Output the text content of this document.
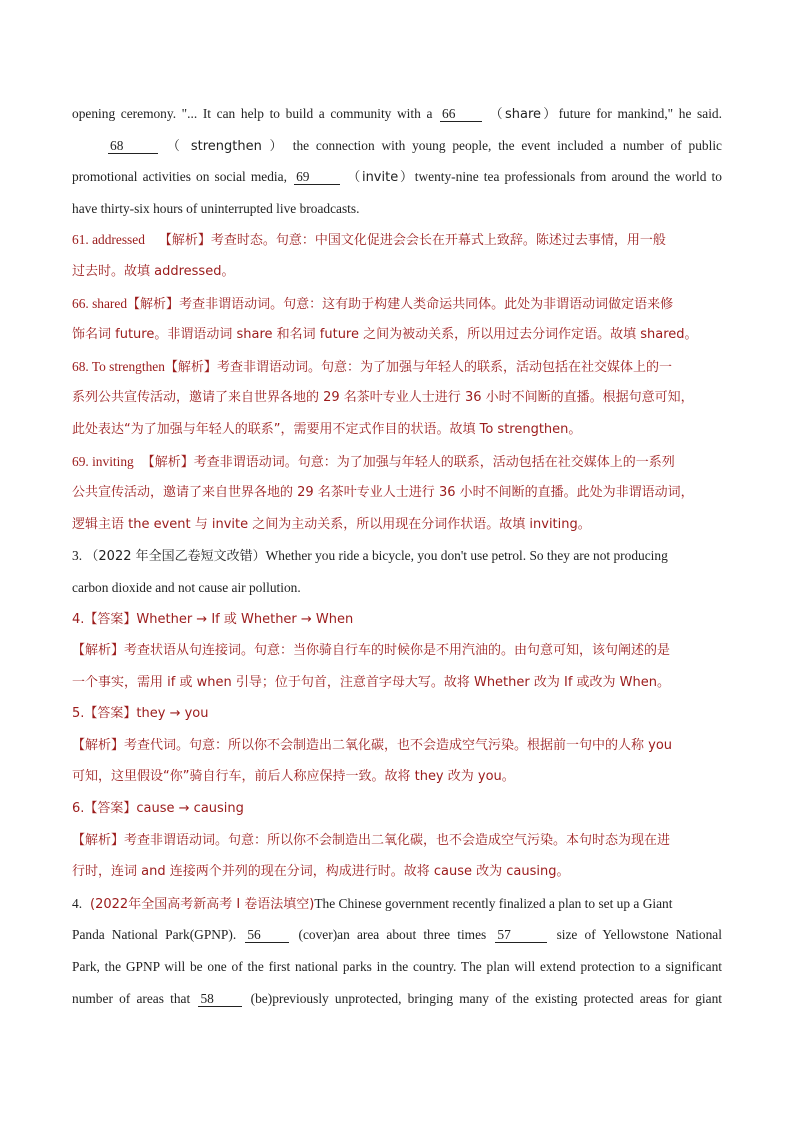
opening ceremony. "... It can help to build a community with a 66	（share）future for mankind," he said.
68	（ strengthen ） the connection with young people, the event included a number of public
promotional activities on social media, 69	（invite）twenty-nine tea professionals from around the world to
have thirty-six hours of uninterrupted live broadcasts.
61. addressed 【解析】考查时态。句意：中国文化促进会会长在开幕式上致辞。陈述过去事情，用一般
过去时。故填 addressed。
66. shared【解析】考查非谓语动词。句意：这有助于构建人类命运共同体。此处为非谓语动词做定语来修
饰名词 future。非谓语动词 share 和名词 future 之间为被动关系，所以用过去分词作定语。故填 shared。
68. To strengthen【解析】考查非谓语动词。句意：为了加强与年轻人的联系，活动包括在社交媒体上的一
系列公共宣传活动，邀请了来自世界各地的 29 名茶叶专业人士进行 36 小时不间断的直播。根据句意可知，
此处表达“为了加强与年轻人的联系”，需要用不定式作目的状语。故填 To strengthen。
69. inviting 【解析】考查非谓语动词。句意：为了加强与年轻人的联系，活动包括在社交媒体上的一系列
公共宣传活动，邀请了来自世界各地的 29 名茶叶专业人士进行 36 小时不间断的直播。此处为非谓语动词，
逻辑主语 the event 与 invite 之间为主动关系，所以用现在分词作状语。故填 inviting。
3. （2022 年全国乙卷短文改错）Whether you ride a bicycle, you don't use petrol. So they are not producing
carbon dioxide and not cause air pollution.
4.【答案】Whether → If 或 Whether → When
【解析】考查状语从句连接词。句意：当你骑自行车的时候你是不用汽油的。由句意可知，该句阐述的是
一个事实，需用 if 或 when 引导；位于句首，注意首字母大写。故将 Whether 改为 If 或改为 When。
5.【答案】they → you
【解析】考查代词。句意：所以你不会制造出二氧化碳，也不会造成空气污染。根据前一句中的人称 you
可知，这里假设“你”骑自行车，前后人称应保持一致。故将 they 改为 you。
6.【答案】cause → causing
【解析】考查非谓语动词。句意：所以你不会制造出二氧化碳，也不会造成空气污染。本句时态为现在进
行时，连词 and 连接两个并列的现在分词，构成进行时。故将 cause 改为 causing。
4. (2022年全国高考新高考 I 卷语法填空)The Chinese government recently finalized a plan to set up a Giant
Panda National Park(GPNP). 56	(cover)an area about three times 57	size of Yellowstone National
Park, the GPNP will be one of the first national parks in the country. The plan will extend protection to a significant
number of areas that 58	(be)previously unprotected, bringing many of the existing protected areas for giant
